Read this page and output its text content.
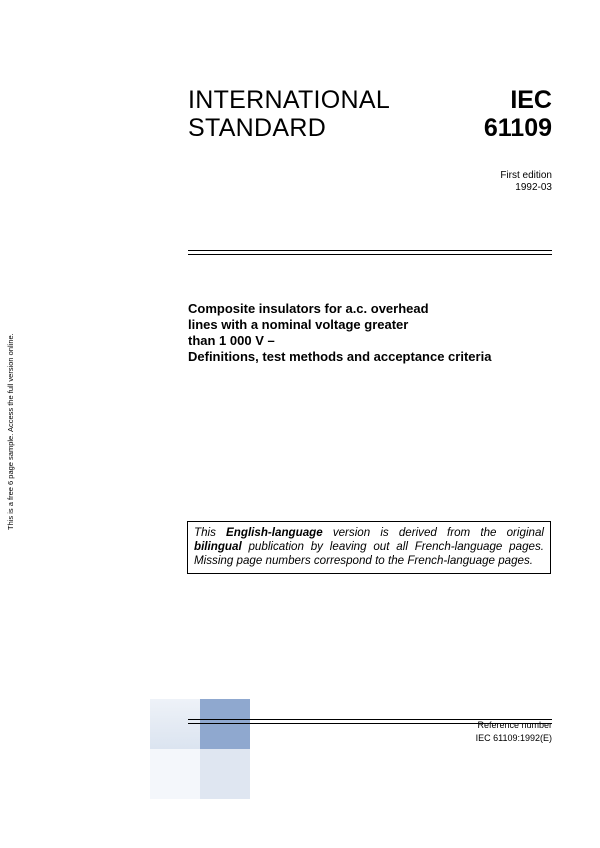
This is a free 6 page sample. Access the full version online.
INTERNATIONAL
STANDARD
IEC
61109
First edition
1992-03
Composite insulators for a.c. overhead
lines with a nominal voltage greater
than 1 000 V –
Definitions, test methods and acceptance criteria
This English-language version is derived from the original bilingual publication by leaving out all French-language pages. Missing page numbers correspond to the French-language pages.
Reference number
IEC 61109:1992(E)
